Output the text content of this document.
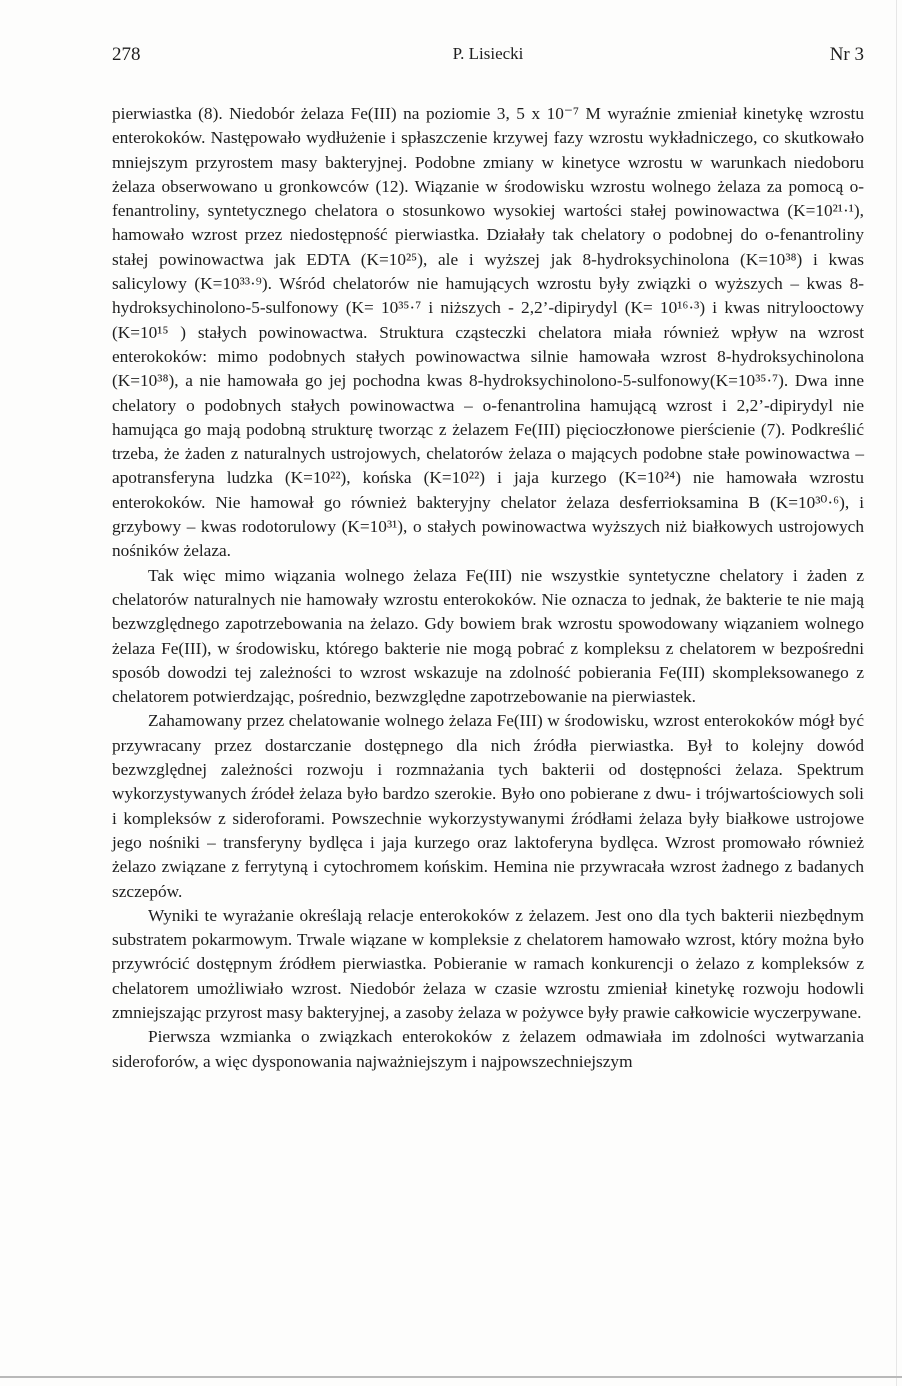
278	P. Lisiecki	Nr 3

pierwiastka (8). Niedobór żelaza Fe(III) na poziomie 3, 5 x 10⁻⁷ M wyraźnie zmieniał kinetykę wzrostu enterokoków. Następowało wydłużenie i spłaszczenie krzywej fazy wzrostu wykładniczego, co skutkowało mniejszym przyrostem masy bakteryjnej. Podobne zmiany w kinetyce wzrostu w warunkach niedoboru żelaza obserwowano u gronkowców (12). Wiązanie w środowisku wzrostu wolnego żelaza za pomocą o-fenantroliny, syntetycznego chelatora o stosunkowo wysokiej wartości stałej powinowactwa (K=10²¹·¹), hamowało wzrost przez niedostępność pierwiastka. Działały tak chelatory o podobnej do o-fenantroliny stałej powinowactwa jak EDTA (K=10²⁵), ale i wyższej jak 8-hydroksychinolona (K=10³⁸) i kwas salicylowy (K=10³³·⁹). Wśród chelatorów nie hamujących wzrostu były związki o wyższych – kwas 8-hydroksychinolono-5-sulfonowy (K= 10³⁵·⁷ i niższych - 2,2’-dipirydyl (K= 10¹⁶·³) i kwas nitrylooctowy (K=10¹⁵ ) stałych powinowactwa. Struktura cząsteczki chelatora miała również wpływ na wzrost enterokoków: mimo podobnych stałych powinowactwa silnie hamowała wzrost 8-hydroksychinolona (K=10³⁸), a nie hamowała go jej pochodna kwas 8-hydroksychinolono-5-sulfonowy(K=10³⁵·⁷). Dwa inne chelatory o podobnych stałych powinowactwa – o-fenantrolina hamującą wzrost i 2,2’-dipirydyl nie hamująca go mają podobną strukturę tworząc z żelazem Fe(III) pięcioczłonowe pierścienie (7). Podkreślić trzeba, że żaden z naturalnych ustrojowych, chelatorów żelaza o mających podobne stałe powinowactwa – apotransferyna ludzka (K=10²²), końska (K=10²²) i jaja kurzego (K=10²⁴) nie hamowała wzrostu enterokoków. Nie hamował go również bakteryjny chelator żelaza desferrioksamina B (K=10³⁰·⁶), i grzybowy – kwas rodotorulowy (K=10³¹), o stałych powinowactwa wyższych niż białkowych ustrojowych nośników żelaza.

Tak więc mimo wiązania wolnego żelaza Fe(III) nie wszystkie syntetyczne chelatory i żaden z chelatorów naturalnych nie hamowały wzrostu enterokoków. Nie oznacza to jednak, że bakterie te nie mają bezwzględnego zapotrzebowania na żelazo. Gdy bowiem brak wzrostu spowodowany wiązaniem wolnego żelaza Fe(III), w środowisku, którego bakterie nie mogą pobrać z kompleksu z chelatorem w bezpośredni sposób dowodzi tej zależności to wzrost wskazuje na zdolność pobierania Fe(III) skompleksowanego z chelatorem potwierdzając, pośrednio, bezwzględne zapotrzebowanie na pierwiastek.

Zahamowany przez chelatowanie wolnego żelaza Fe(III) w środowisku, wzrost enterokoków mógł być przywracany przez dostarczanie dostępnego dla nich źródła pierwiastka. Był to kolejny dowód bezwzględnej zależności rozwoju i rozmnażania tych bakterii od dostępności żelaza. Spektrum wykorzystywanych źródeł żelaza było bardzo szerokie. Było ono pobierane z dwu- i trójwartościowych soli i kompleksów z sideroforami. Powszechnie wykorzystywanymi źródłami żelaza były białkowe ustrojowe jego nośniki – transferyny bydlęca i jaja kurzego oraz laktoferyna bydlęca. Wzrost promowało również żelazo związane z ferrytyną i cytochromem końskim. Hemina nie przywracała wzrost żadnego z badanych szczepów.

Wyniki te wyrażanie określają relacje enterokoków z żelazem. Jest ono dla tych bakterii niezbędnym substratem pokarmowym. Trwale wiązane w kompleksie z chelatorem hamowało wzrost, który można było przywrócić dostępnym źródłem pierwiastka. Pobieranie w ramach konkurencji o żelazo z kompleksów z chelatorem umożliwiało wzrost. Niedobór żelaza w czasie wzrostu zmieniał kinetykę rozwoju hodowli zmniejszając przyrost masy bakteryjnej, a zasoby żelaza w pożywce były prawie całkowicie wyczerpywane.

Pierwsza wzmianka o związkach enterokoków z żelazem odmawiała im zdolności wytwarzania sideroforów, a więc dysponowania najważniejszym i najpowszechniejszym
